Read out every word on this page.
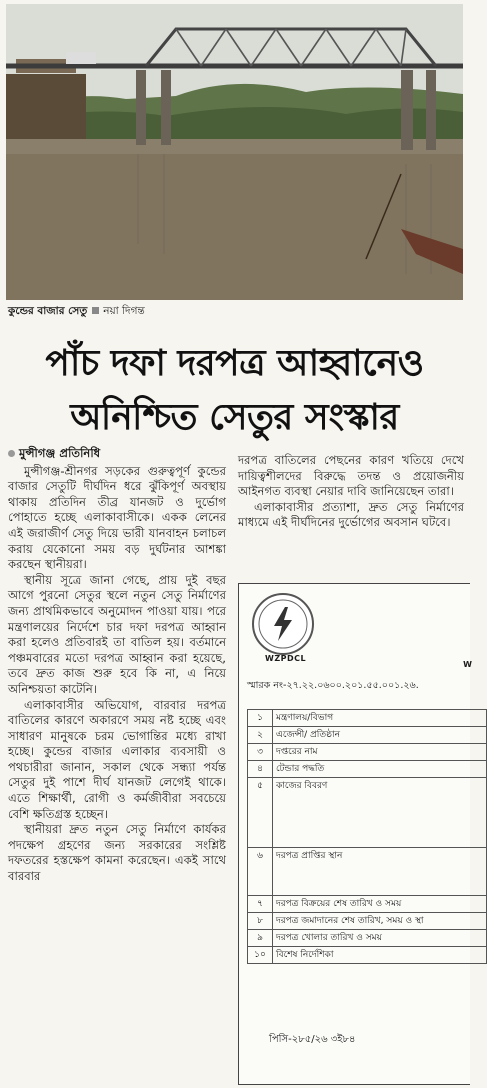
কুন্ডের বাজার সেতু নয়া দিগন্ত
পাঁচ দফা দরপত্র আহ্বানেও
অনিশ্চিত সেতুর সংস্কার

মুন্সীগঞ্জ প্রতিনিধি

মুন্সীগঞ্জ-শ্রীনগর সড়কের গুরুত্বপূর্ণ কুন্ডের বাজার সেতুটি দীর্ঘদিন ধরে ঝুঁকিপূর্ণ অবস্থায় থাকায় প্রতিদিন তীব্র যানজট ও দুর্ভোগ পোহাতে হচ্ছে এলাকাবাসীকে। একক লেনের এই জরাজীর্ণ সেতু দিয়ে ভারী যানবাহন চলাচল করায় যেকোনো সময় বড় দুর্ঘটনার আশঙ্কা করছেন স্থানীয়রা।

স্থানীয় সূত্রে জানা গেছে, প্রায় দুই বছর আগে পুরনো সেতুর স্থলে নতুন সেতু নির্মাণের জন্য প্রাথমিকভাবে অনুমোদন পাওয়া যায়। পরে মন্ত্রণালয়ের নির্দেশে চার দফা দরপত্র আহ্বান করা হলেও প্রতিবারই তা বাতিল হয়। বর্তমানে পঞ্চমবারের মতো দরপত্র আহ্বান করা হয়েছে, তবে দ্রুত কাজ শুরু হবে কি না, এ নিয়ে অনিশ্চয়তা কাটেনি।

এলাকাবাসীর অভিযোগ, বারবার দরপত্র বাতিলের কারণে অকারণে সময় নষ্ট হচ্ছে এবং সাধারণ মানুষকে চরম ভোগান্তির মধ্যে রাখা হচ্ছে। কুন্ডের বাজার এলাকার ব্যবসায়ী ও পথচারীরা জানান, সকাল থেকে সন্ধ্যা পর্যন্ত সেতুর দুই পাশে দীর্ঘ যানজট লেগেই থাকে। এতে শিক্ষার্থী, রোগী ও কর্মজীবীরা সবচেয়ে বেশি ক্ষতিগ্রস্ত হচ্ছেন।

স্থানীয়রা দ্রুত নতুন সেতু নির্মাণে কার্যকর পদক্ষেপ গ্রহণের জন্য সরকারের সংশ্লিষ্ট দফতরের হস্তক্ষেপ কামনা করেছেন। একই সাথে বারবার

দরপত্র বাতিলের পেছনের কারণ খতিয়ে দেখে দায়িত্বশীলদের বিরুদ্ধে তদন্ত ও প্রয়োজনীয় আইনগত ব্যবস্থা নেয়ার দাবি জানিয়েছেন তারা।

এলাকাবাসীর প্রত্যাশা, দ্রুত সেতু নির্মাণের মাধ্যমে এই দীর্ঘদিনের দুর্ভোগের অবসান ঘটবে।

WZPDCL
W
স্মারক নং-২৭.২২.০৬০০.২০১.৫৫.০০১.২৬.
১	মন্ত্রণালয়/বিভাগ
২	এজেন্সী/ প্রতিষ্ঠান
৩	দপ্তরের নাম
৪	টেন্ডার পদ্ধতি
৫	কাজের বিবরণ
৬	দরপত্র প্রাপ্তির স্থান
৭	দরপত্র বিক্রয়ের শেষ তারিখ ও সময়
৮	দরপত্র জমাদানের শেষ তারিখ, সময় ও স্থা
৯	দরপত্র খোলার তারিখ ও সময়
১০	বিশেষ নির্দেশিকা
পিসি-২৮৫/২৬ ৩ই৮৪
